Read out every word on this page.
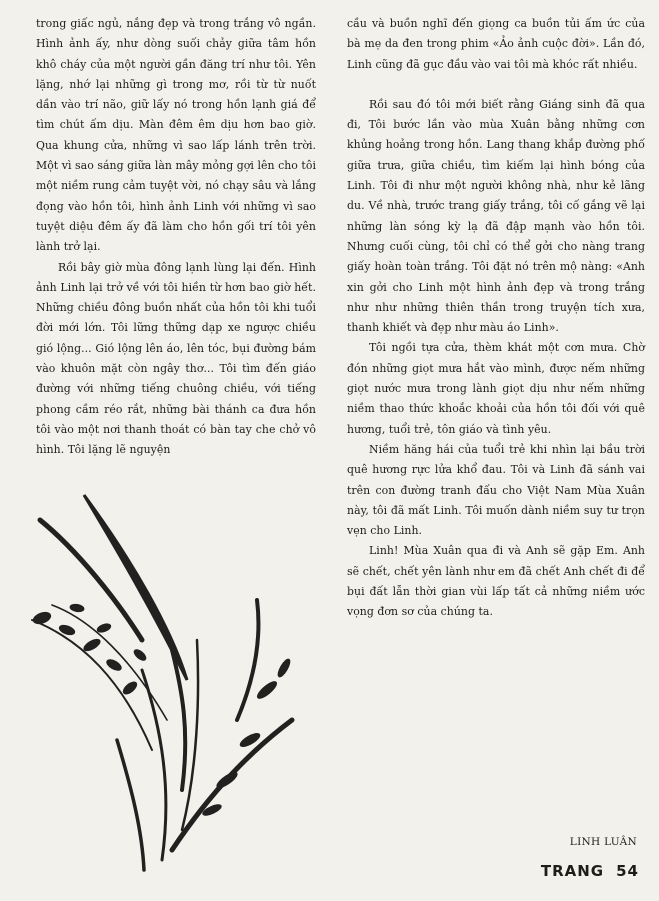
trong giấc ngủ, nắng đẹp và trong trắng vô ngần. Hình ảnh ấy, như dòng suối chảy giữa tâm hồn khô cháy của một người gần đăng trí như tôi. Yên lặng, nhớ lại những gì trong mơ, rồi từ từ nuốt dần vào trí não, giữ lấy nó trong hồn lạnh giá để tìm chút ấm dịu. Màn đêm êm dịu hơn bao giờ. Qua khung cửa, những vì sao lấp lánh trên trời. Một vì sao sáng giữa làn mây mỏng gợi lên cho tôi một niềm rung cảm tuyệt vời, nó chạy sâu và lắng đọng vào hồn tôi, hình ảnh Linh với những vì sao tuyệt diệu đêm ấy đã làm cho hồn gối trí tôi yên lành trở lại.

Rồi bây giờ mùa đông lạnh lùng lại đến. Hình ảnh Linh lại trở về với tôi hiền từ hơn bao giờ hết. Những chiều đông buồn nhất của hồn tôi khi tuổi đời mới lớn. Tôi lững thững dạp xe ngược chiều gió lộng... Gió lộng lên áo, lên tóc, bụi đường bám vào khuôn mặt còn ngây thơ... Tôi tìm đến giáo đường với những tiếng chuông chiều, với tiếng phong cầm réo rắt, những bài thánh ca đưa hồn tôi vào một nơi thanh thoát có bàn tay che chở vô hình. Tôi lặng lẽ nguyện

cầu và buồn nghĩ đến giọng ca buồn tủi ấm ức của bà mẹ da đen trong phim «Ảo ảnh cuộc đời». Lần đó, Linh cũng đã gục đầu vào vai tôi mà khóc rất nhiều.

Rồi sau đó tôi mới biết rằng Giáng sinh đã qua đi, Tôi bước lần vào mùa Xuân bằng những cơn khủng hoảng trong hồn. Lang thang khắp đường phố giữa trưa, giữa chiều, tìm kiếm lại hình bóng của Linh. Tôi đi như một người không nhà, như kẻ lãng du. Về nhà, trước trang giấy trắng, tôi cố gắng vẽ lại những làn sóng kỳ lạ đã đập mạnh vào hồn tôi. Nhưng cuối cùng, tôi chỉ có thể gởi cho nàng trang giấy hoàn toàn trắng. Tôi đặt nó trên mộ nàng: «Anh xin gởi cho Linh một hình ảnh đẹp và trong trắng như như những thiên thần trong truyện tích xưa, thanh khiết và đẹp như màu áo Linh».

Tôi ngồi tựa cửa, thèm khát một cơn mưa. Chờ đón những giọt mưa hắt vào mình, được nếm những giọt nước mưa trong lành giọt dịu như nếm những niềm thao thức khoắc khoải của hồn tôi đối với quê hương, tuổi trẻ, tôn giáo và tình yêu.

Niềm hăng hái của tuổi trẻ khi nhìn lại bầu trời quê hương rực lửa khổ đau. Tôi và Linh đã sánh vai trên con đường tranh đấu cho Việt Nam Mùa Xuân này, tôi đã mất Linh. Tôi muốn dành niềm suy tư trọn vẹn cho Linh.

Linh! Mùa Xuân qua đi và Anh sẽ gặp Em. Anh sẽ chết, chết yên lành như em đã chết Anh chết đi để bụi đất lẫn thời gian vùi lấp tất cả những niềm ước vọng đơn sơ của chúng ta.

LINH LUÂN
TRANG 54
